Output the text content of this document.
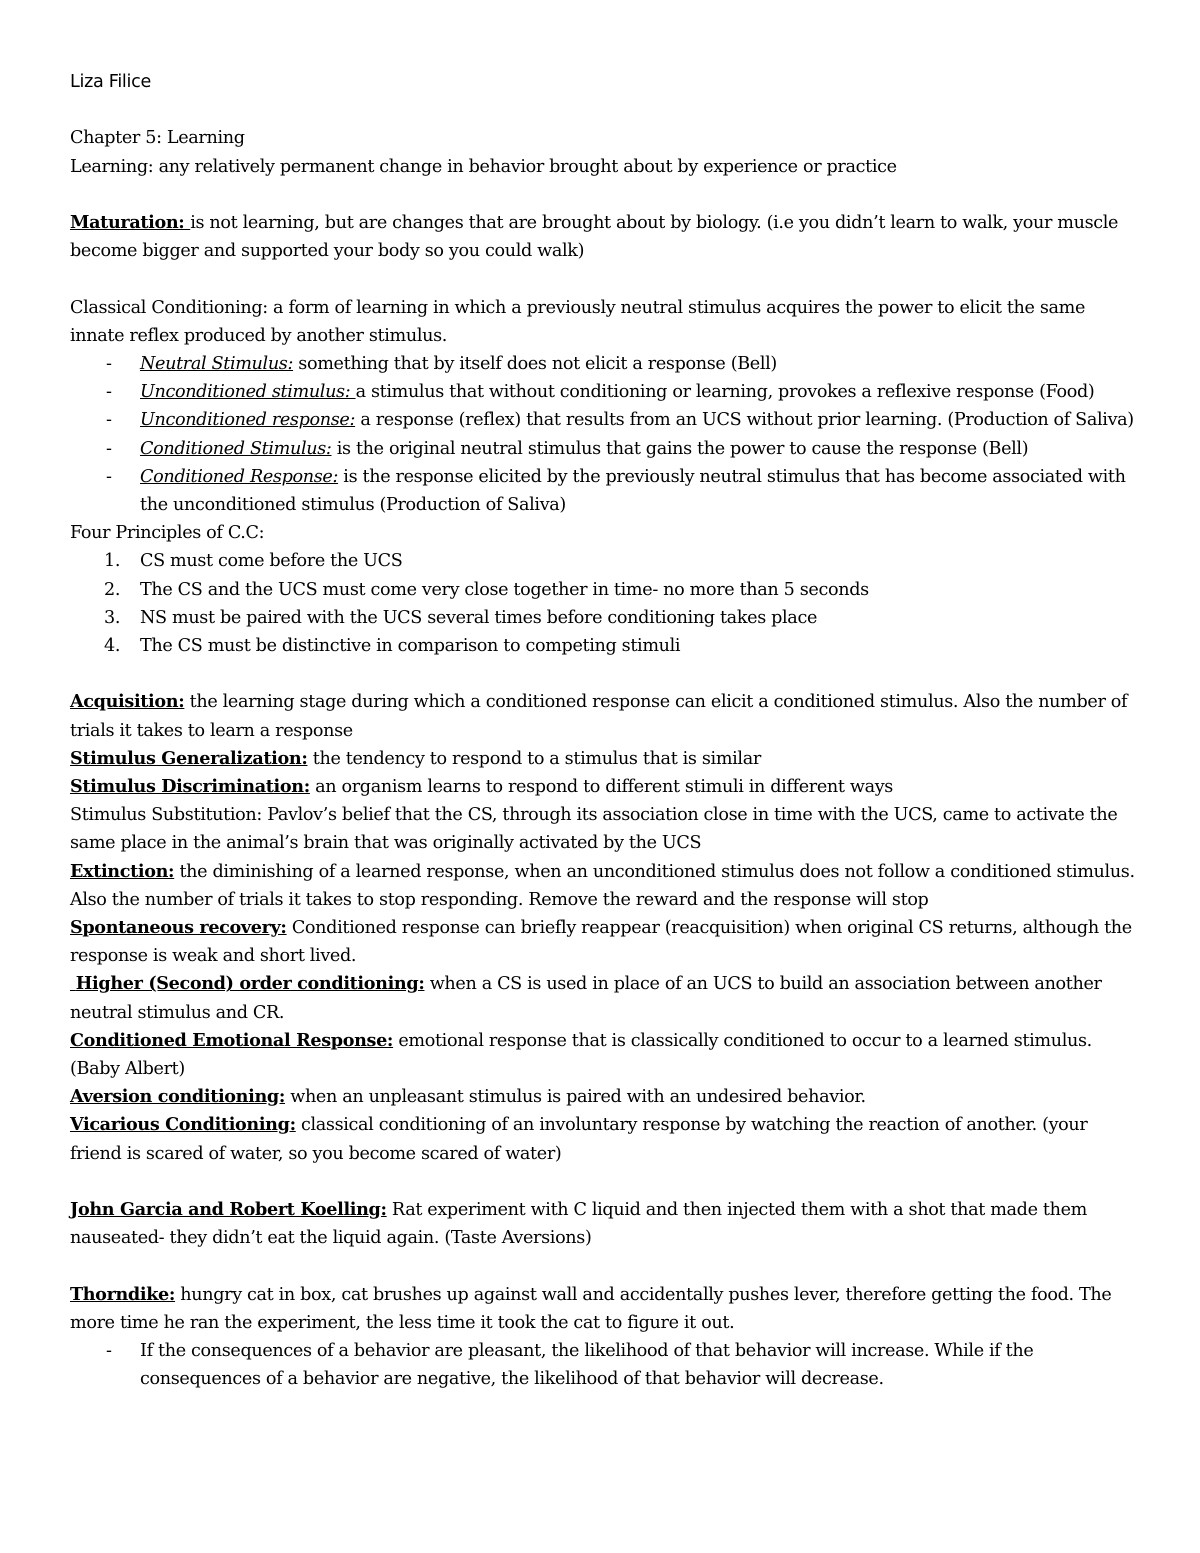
Liza Filice

Chapter 5: Learning

Learning: any relatively permanent change in behavior brought about by experience or practice

Maturation: is not learning, but are changes that are brought about by biology. (i.e you didn’t learn to walk, your muscle become bigger and supported your body so you could walk)

Classical Conditioning: a form of learning in which a previously neutral stimulus acquires the power to elicit the same innate reflex produced by another stimulus.

- Neutral Stimulus: something that by itself does not elicit a response (Bell)
- Unconditioned stimulus: a stimulus that without conditioning or learning, provokes a reflexive response (Food)
- Unconditioned response: a response (reflex) that results from an UCS without prior learning. (Production of Saliva)
- Conditioned Stimulus: is the original neutral stimulus that gains the power to cause the response (Bell)
- Conditioned Response: is the response elicited by the previously neutral stimulus that has become associated with the unconditioned stimulus (Production of Saliva)

Four Principles of C.C:

1. CS must come before the UCS
2. The CS and the UCS must come very close together in time- no more than 5 seconds
3. NS must be paired with the UCS several times before conditioning takes place
4. The CS must be distinctive in comparison to competing stimuli

Acquisition: the learning stage during which a conditioned response can elicit a conditioned stimulus. Also the number of trials it takes to learn a response

Stimulus Generalization: the tendency to respond to a stimulus that is similar

Stimulus Discrimination: an organism learns to respond to different stimuli in different ways

Stimulus Substitution: Pavlov’s belief that the CS, through its association close in time with the UCS, came to activate the same place in the animal’s brain that was originally activated by the UCS

Extinction: the diminishing of a learned response, when an unconditioned stimulus does not follow a conditioned stimulus. Also the number of trials it takes to stop responding. Remove the reward and the response will stop

Spontaneous recovery: Conditioned response can briefly reappear (reacquisition) when original CS returns, although the response is weak and short lived.

Higher (Second) order conditioning: when a CS is used in place of an UCS to build an association between another neutral stimulus and CR.

Conditioned Emotional Response: emotional response that is classically conditioned to occur to a learned stimulus. (Baby Albert)

Aversion conditioning: when an unpleasant stimulus is paired with an undesired behavior.

Vicarious Conditioning: classical conditioning of an involuntary response by watching the reaction of another. (your friend is scared of water, so you become scared of water)

John Garcia and Robert Koelling: Rat experiment with C liquid and then injected them with a shot that made them nauseated- they didn’t eat the liquid again. (Taste Aversions)

Thorndike: hungry cat in box, cat brushes up against wall and accidentally pushes lever, therefore getting the food. The more time he ran the experiment, the less time it took the cat to figure it out.

- If the consequences of a behavior are pleasant, the likelihood of that behavior will increase. While if the consequences of a behavior are negative, the likelihood of that behavior will decrease.
